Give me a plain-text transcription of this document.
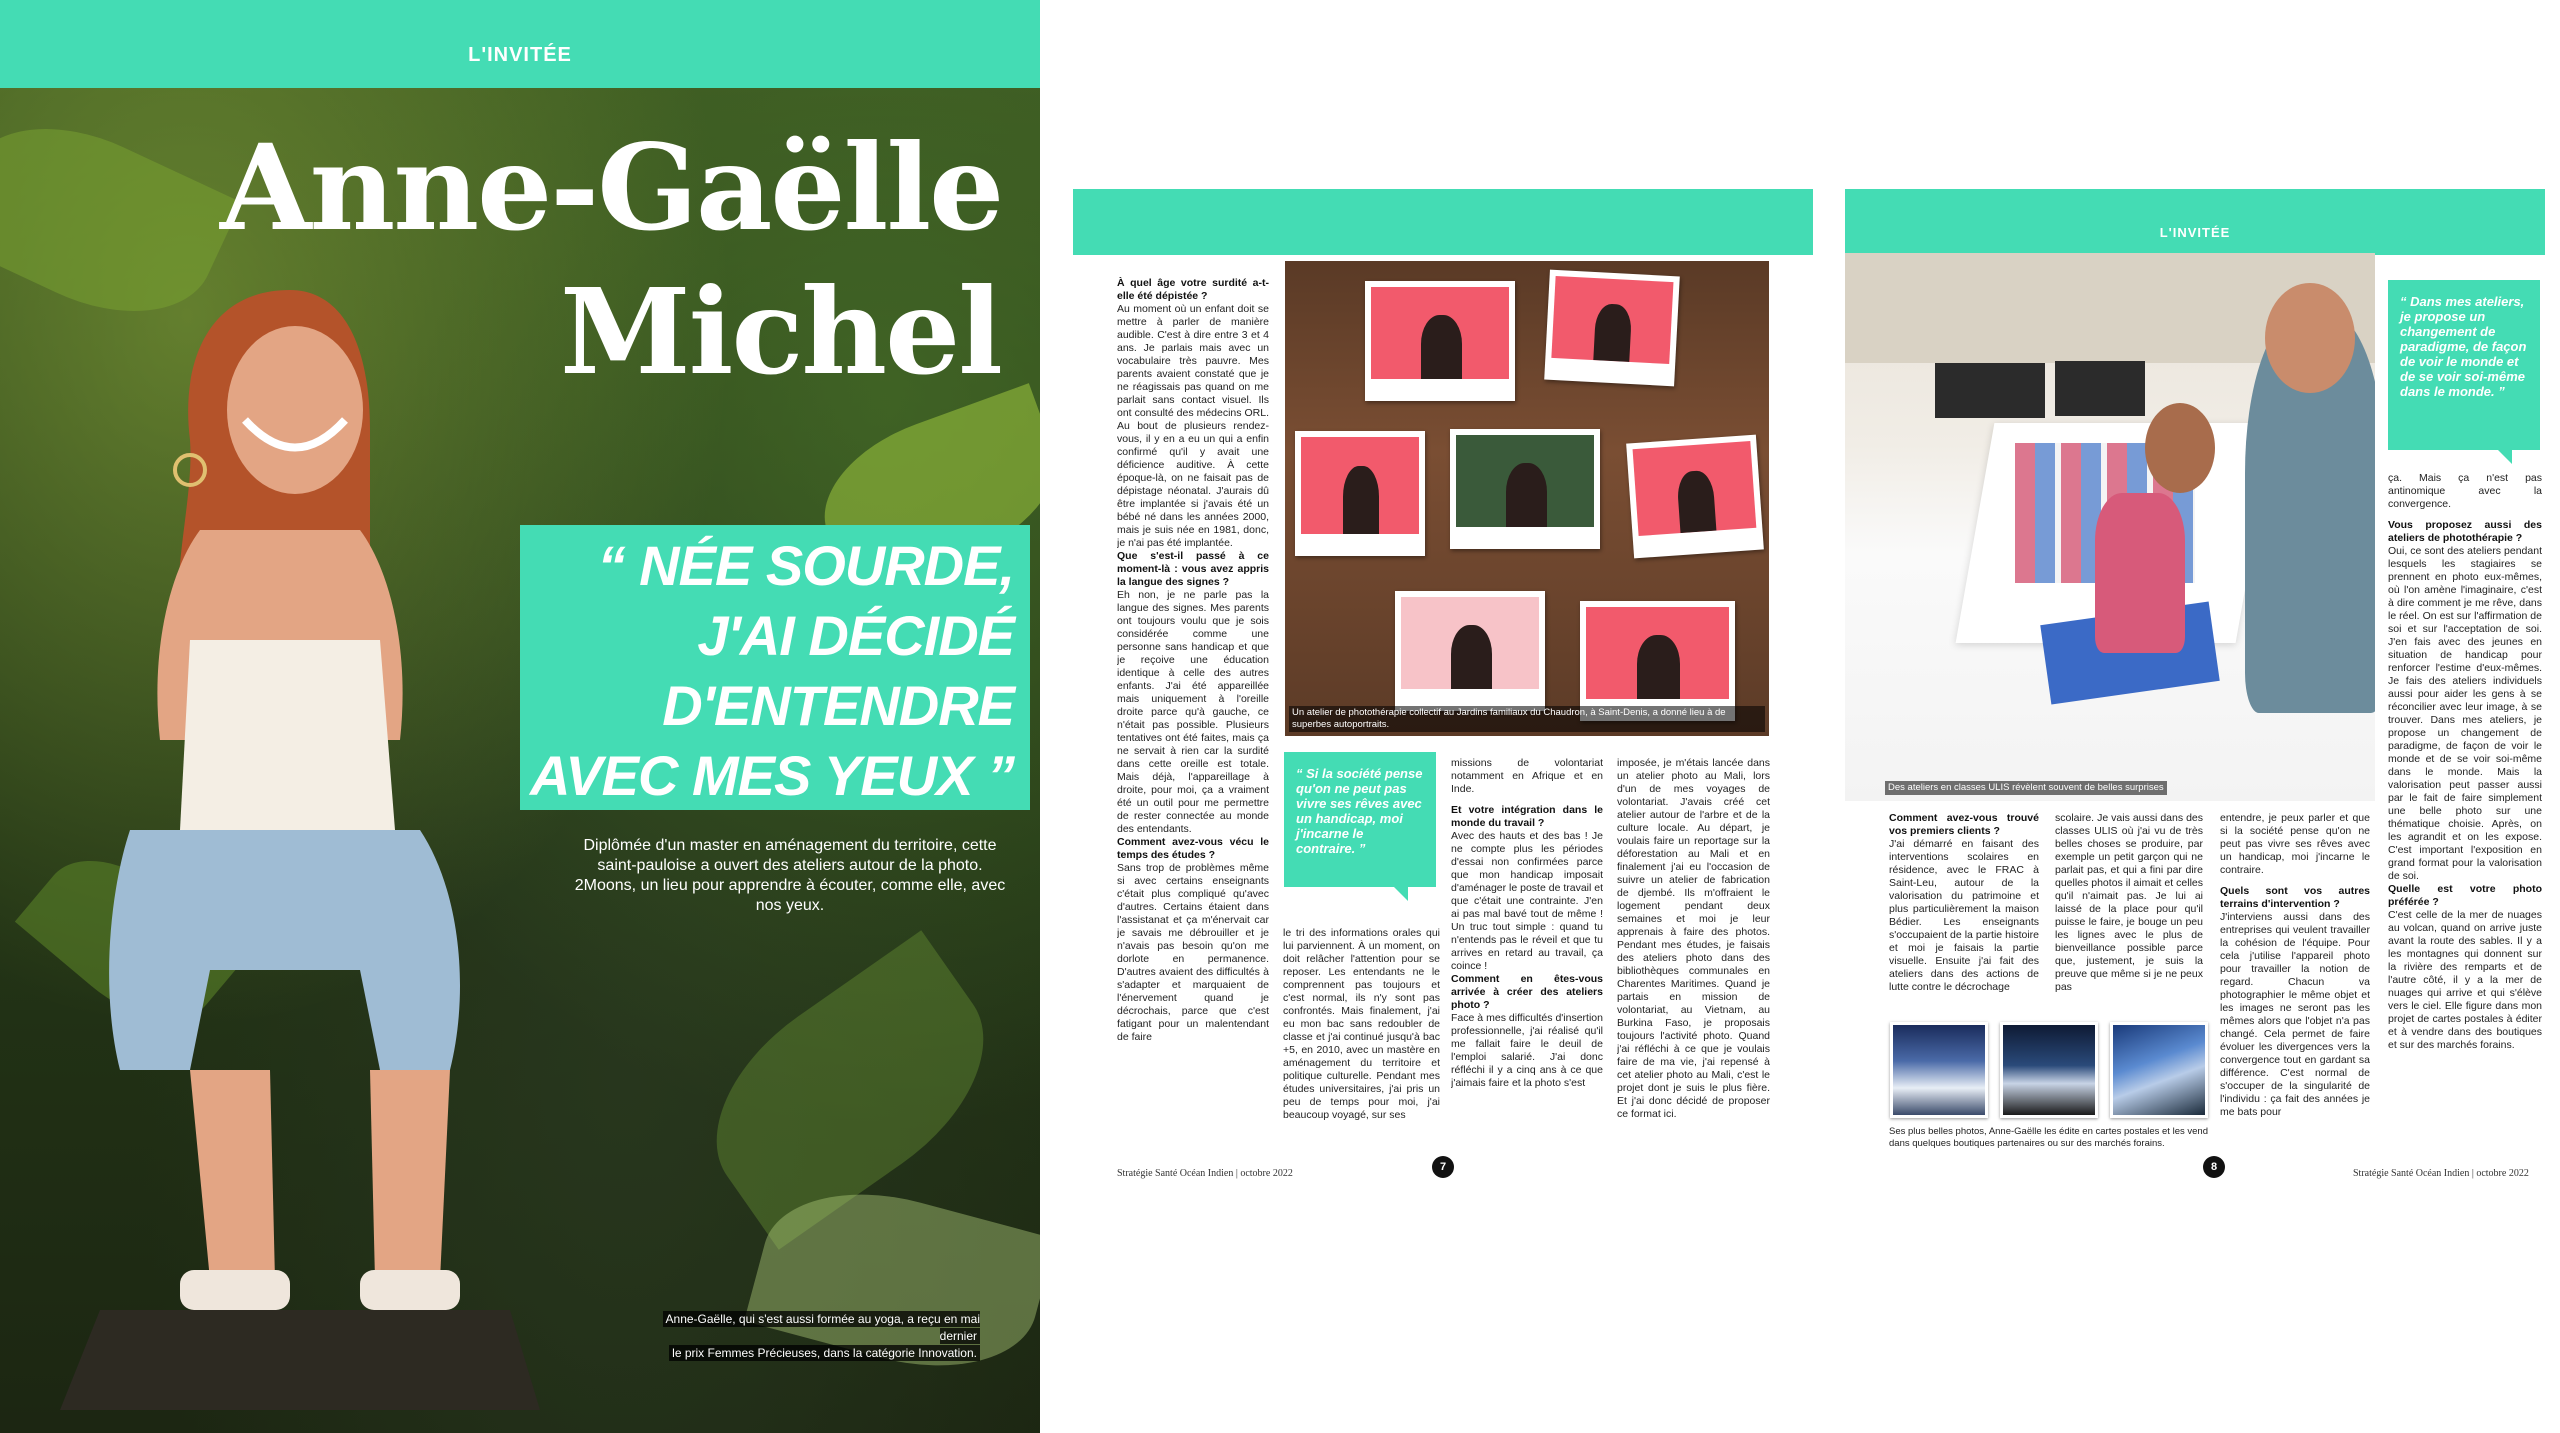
L'INVITÉE
Anne-Gaëlle
Michel
“ NÉE SOURDE,
J'AI DÉCIDÉ
D'ENTENDRE
AVEC MES YEUX ”
Diplômée d'un master en aménagement du territoire, cette saint-pauloise a ouvert des ateliers autour de la photo. 2Moons, un lieu pour apprendre à écouter, comme elle, avec nos yeux.
Anne-Gaëlle, qui s'est aussi formée au yoga, a reçu en mai dernier
le prix Femmes Précieuses, dans la catégorie Innovation.
À quel âge votre surdité a-t-elle été dépistée ?
Au moment où un enfant doit se mettre à parler de manière audible. C'est à dire entre 3 et 4 ans. Je parlais mais avec un vocabulaire très pauvre. Mes parents avaient constaté que je ne réagissais pas quand on me parlait sans contact visuel. Ils ont consulté des médecins ORL. Au bout de plusieurs rendez-vous, il y en a eu un qui a enfin confirmé qu'il y avait une déficience auditive. À cette époque-là, on ne faisait pas de dépistage néonatal. J'aurais dû être implantée si j'avais été un bébé né dans les années 2000, mais je suis née en 1981, donc, je n'ai pas été implantée.
Que s'est-il passé à ce moment-là : vous avez appris la langue des signes ?
Eh non, je ne parle pas la langue des signes. Mes parents ont toujours voulu que je sois considérée comme une personne sans handicap et que je reçoive une éducation identique à celle des autres enfants. J'ai été appareillée mais uniquement à l'oreille droite parce qu'à gauche, ce n'était pas possible. Plusieurs tentatives ont été faites, mais ça ne servait à rien car la surdité dans cette oreille est totale. Mais déjà, l'appareillage à droite, pour moi, ça a vraiment été un outil pour me permettre de rester connectée au monde des entendants.
Comment avez-vous vécu le temps des études ?
Sans trop de problèmes même si avec certains enseignants c'était plus compliqué qu'avec d'autres. Certains étaient dans l'assistanat et ça m'énervait car je savais me débrouiller et je n'avais pas besoin qu'on me dorlote en permanence. D'autres avaient des difficultés à s'adapter et marquaient de l'énervement quand je décrochais, parce que c'est fatigant pour un malentendant de faire
Un atelier de photothérapie collectif au Jardins familiaux du Chaudron, à Saint-Denis, a donné lieu à de superbes autoportraits.
“ Si la société pense qu'on ne peut pas vivre ses rêves avec un handicap, moi j'incarne le contraire. ”
le tri des informations orales qui lui parviennent. À un moment, on doit relâcher l'attention pour se reposer. Les entendants ne le comprennent pas toujours et c'est normal, ils n'y sont pas confrontés. Mais finalement, j'ai eu mon bac sans redoubler de classe et j'ai continué jusqu'à bac +5, en 2010, avec un mastère en aménagement du territoire et politique culturelle. Pendant mes études universitaires, j'ai pris un peu de temps pour moi, j'ai beaucoup voyagé, sur ses
missions de volontariat notamment en Afrique et en Inde.
Et votre intégration dans le monde du travail ?
Avec des hauts et des bas ! Je ne compte plus les périodes d'essai non confirmées parce que mon handicap imposait d'aménager le poste de travail et que c'était une contrainte. J'en ai pas mal bavé tout de même ! Un truc tout simple : quand tu n'entends pas le réveil et que tu arrives en retard au travail, ça coince !
Comment en êtes-vous arrivée à créer des ateliers photo ?
Face à mes difficultés d'insertion professionnelle, j'ai réalisé qu'il me fallait faire le deuil de l'emploi salarié. J'ai donc réfléchi il y a cinq ans à ce que j'aimais faire et la photo s'est
imposée, je m'étais lancée dans un atelier photo au Mali, lors d'un de mes voyages de volontariat. J'avais créé cet atelier autour de l'arbre et de la culture locale. Au départ, je voulais faire un reportage sur la déforestation au Mali et en finalement j'ai eu l'occasion de suivre un atelier de fabrication de djembé. Ils m'offraient le logement pendant deux semaines et moi je leur apprenais à faire des photos. Pendant mes études, je faisais des ateliers photo dans des bibliothèques communales en Charentes Maritimes. Quand je partais en mission de volontariat, au Vietnam, au Burkina Faso, je proposais toujours l'activité photo. Quand j'ai réfléchi à ce que je voulais faire de ma vie, j'ai repensé à cet atelier photo au Mali, c'est le projet dont je suis le plus fière. Et j'ai donc décidé de proposer ce format ici.
Stratégie Santé Océan Indien | octobre 2022
7
L'INVITÉE
Des ateliers en classes ULIS révèlent souvent de belles surprises
“ Dans mes ateliers, je propose un changement de paradigme, de façon de voir le monde et de se voir soi-même dans le monde. ”
Comment avez-vous trouvé vos premiers clients ?
J'ai démarré en faisant des interventions scolaires en résidence, avec le FRAC à Saint-Leu, autour de la valorisation du patrimoine et plus particulièrement la maison Bédier. Les enseignants s'occupaient de la partie histoire et moi je faisais la partie visuelle. Ensuite j'ai fait des ateliers dans des actions de lutte contre le décrochage
scolaire. Je vais aussi dans des classes ULIS où j'ai vu de très belles choses se produire, par exemple un petit garçon qui ne parlait pas, et qui a fini par dire quelles photos il aimait et celles qu'il n'aimait pas. Je lui ai laissé de la place pour qu'il puisse le faire, je bouge un peu les lignes avec le plus de bienveillance possible parce que, justement, je suis la preuve que même si je ne peux pas
entendre, je peux parler et que si la société pense qu'on ne peut pas vivre ses rêves avec un handicap, moi j'incarne le contraire.
Quels sont vos autres terrains d'intervention ?
J'interviens aussi dans des entreprises qui veulent travailler la cohésion de l'équipe. Pour cela j'utilise l'appareil photo pour travailler la notion de regard. Chacun va photographier le même objet et les images ne seront pas les mêmes alors que l'objet n'a pas changé. Cela permet de faire évoluer les divergences vers la convergence tout en gardant sa différence. C'est normal de s'occuper de la singularité de l'individu : ça fait des années je me bats pour
ça. Mais ça n'est pas antinomique avec la convergence.
Vous proposez aussi des ateliers de photothérapie ?
Oui, ce sont des ateliers pendant lesquels les stagiaires se prennent en photo eux-mêmes, où l'on amène l'imaginaire, c'est à dire comment je me rêve, dans le réel. On est sur l'affirmation de soi et sur l'acceptation de soi. J'en fais avec des jeunes en situation de handicap pour renforcer l'estime d'eux-mêmes. Je fais des ateliers individuels aussi pour aider les gens à se réconcilier avec leur image, à se trouver. Dans mes ateliers, je propose un changement de paradigme, de façon de voir le monde et de se voir soi-même dans le monde. Mais la valorisation peut passer aussi par le fait de faire simplement une belle photo sur une thématique choisie. Après, on les agrandit et on les expose. C'est important l'exposition en grand format pour la valorisation de soi.
Quelle est votre photo préférée ?
C'est celle de la mer de nuages au volcan, quand on arrive juste avant la route des sables. Il y a les montagnes qui donnent sur la rivière des remparts et de l'autre côté, il y a la mer de nuages qui arrive et qui s'élève vers le ciel. Elle figure dans mon projet de cartes postales à éditer et à vendre dans des boutiques et sur des marchés forains.
Ses plus belles photos, Anne-Gaëlle les édite en cartes postales et les vend dans quelques boutiques partenaires ou sur des marchés forains.
8
Stratégie Santé Océan Indien | octobre 2022
